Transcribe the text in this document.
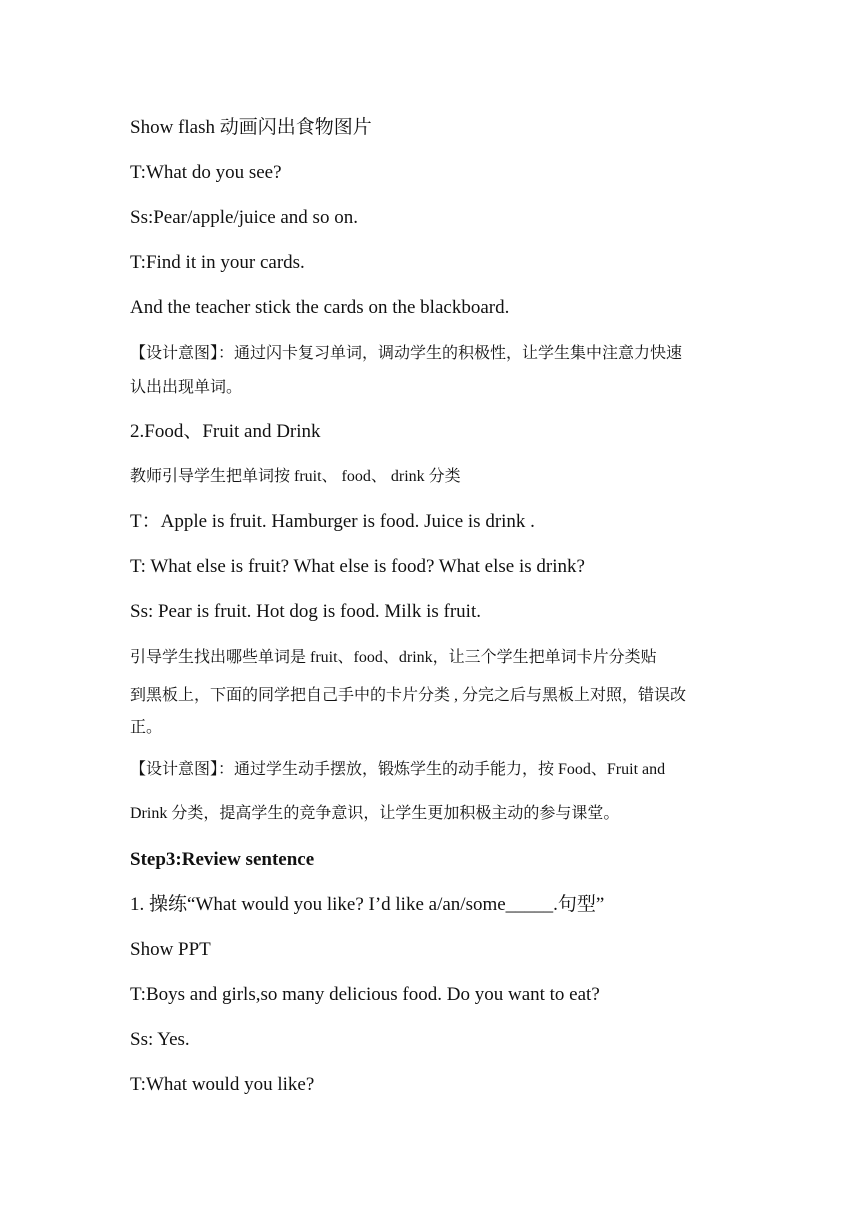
Show flash 动画闪出食物图片
T:What do you see?
Ss:Pear/apple/juice and so on.
T:Find it in your cards.
And the teacher stick the cards on the blackboard.
【设计意图】：通过闪卡复习单词，调动学生的积极性，让学生集中注意力快速
认出出现单词。
2.Food、Fruit and Drink
教师引导学生把单词按 fruit、 food、 drink 分类
T：Apple is fruit. Hamburger is food. Juice is drink .
T: What else is fruit? What else is food? What else is drink?
Ss: Pear is fruit. Hot dog is food. Milk is fruit.
引导学生找出哪些单词是 fruit、food、drink，让三个学生把单词卡片分类贴
到黑板上，下面的同学把自己手中的卡片分类 , 分完之后与黑板上对照，错误改
正。
【设计意图】：通过学生动手摆放，锻炼学生的动手能力，按 Food、Fruit and
Drink 分类，提高学生的竞争意识，让学生更加积极主动的参与课堂。
Step3:Review sentence
1. 操练“What would you like? I’d like a/an/some_____.句型”
Show PPT
T:Boys and girls,so many delicious food. Do you want to eat?
Ss: Yes.
T:What would you like?
